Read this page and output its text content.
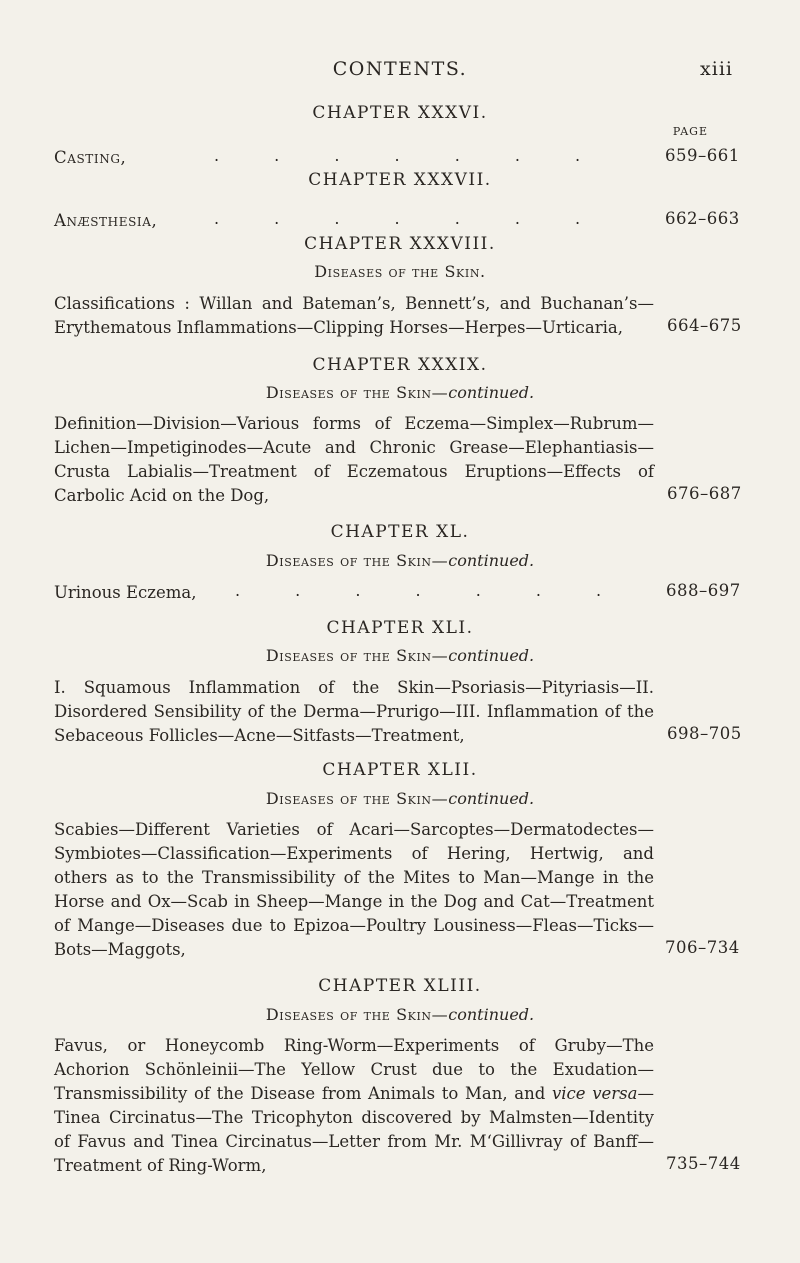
CONTENTS.	xiii
CHAPTER XXXVI.
PAGE
Casting,	. . . . . . .	659–661
CHAPTER XXXVII.
Anæsthesia,	. . . . . . .	662–663
CHAPTER XXXVIII.
Diseases of the Skin.
Classifications : Willan and Bateman’s, Bennett’s, and Buchanan’s—Erythematous Inflammations—Clipping Horses—Herpes—Urticaria,	664–675
CHAPTER XXXIX.
Diseases of the Skin—continued.
Definition—Division—Various forms of Eczema—Simplex—Rubrum—Lichen—Impetiginodes—Acute and Chronic Grease—Elephantiasis—Crusta Labialis—Treatment of Eczematous Eruptions—Effects of Carbolic Acid on the Dog,	676–687
CHAPTER XL.
Diseases of the Skin—continued.
Urinous Eczema,	. . . . . . . 688–697
CHAPTER XLI.
Diseases of the Skin—continued.
I. Squamous Inflammation of the Skin—Psoriasis—Pityriasis—II. Disordered Sensibility of the Derma—Prurigo—III. Inflammation of the Sebaceous Follicles—Acne—Sitfasts—Treatment,	698–705
CHAPTER XLII.
Diseases of the Skin—continued.
Scabies—Different Varieties of Acari—Sarcoptes—Dermatodectes—Symbiotes—Classification—Experiments of Hering, Hertwig, and others as to the Transmissibility of the Mites to Man—Mange in the Horse and Ox—Scab in Sheep—Mange in the Dog and Cat—Treatment of Mange—Diseases due to Epizoa—Poultry Lousiness—Fleas—Ticks—Bots—Maggots,	706–734
CHAPTER XLIII.
Diseases of the Skin—continued.
Favus, or Honeycomb Ring-Worm—Experiments of Gruby—The Achorion Schönleinii—The Yellow Crust due to the Exudation—Transmissibility of the Disease from Animals to Man, and vice versa—Tinea Circinatus—The Tricophyton discovered by Malmsten—Identity of Favus and Tinea Circinatus—Letter from Mr. M‘Gillivray of Banff—Treatment of Ring-Worm,	735–744
